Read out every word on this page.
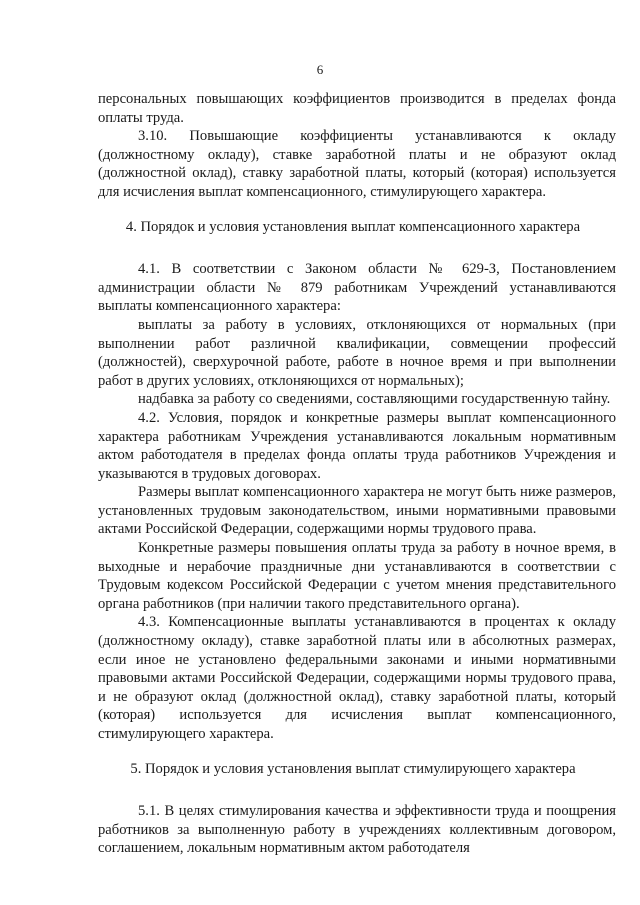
6

персональных повышающих коэффициентов производится в пределах фонда оплаты труда.

3.10. Повышающие коэффициенты устанавливаются к окладу (должностному окладу), ставке заработной платы и не образуют оклад (должностной оклад), ставку заработной платы, который (которая) используется для исчисления выплат компенсационного, стимулирующего характера.

4. Порядок и условия установления выплат компенсационного характера

4.1. В соответствии с Законом области № 629-З, Постановлением администрации области № 879 работникам Учреждений устанавливаются выплаты компенсационного характера:

выплаты за работу в условиях, отклоняющихся от нормальных (при выполнении работ различной квалификации, совмещении профессий (должностей), сверхурочной работе, работе в ночное время и при выполнении работ в других условиях, отклоняющихся от нормальных);

надбавка за работу со сведениями, составляющими государственную тайну.

4.2. Условия, порядок и конкретные размеры выплат компенсационного характера работникам Учреждения устанавливаются локальным нормативным актом работодателя в пределах фонда оплаты труда работников Учреждения и указываются в трудовых договорах.

Размеры выплат компенсационного характера не могут быть ниже размеров, установленных трудовым законодательством, иными нормативными правовыми актами Российской Федерации, содержащими нормы трудового права.

Конкретные размеры повышения оплаты труда за работу в ночное время, в выходные и нерабочие праздничные дни устанавливаются в соответствии с Трудовым кодексом Российской Федерации с учетом мнения представительного органа работников (при наличии такого представительного органа).

4.3. Компенсационные выплаты устанавливаются в процентах к окладу (должностному окладу), ставке заработной платы или в абсолютных размерах, если иное не установлено федеральными законами и иными нормативными правовыми актами Российской Федерации, содержащими нормы трудового права, и не образуют оклад (должностной оклад), ставку заработной платы, который (которая) используется для исчисления выплат компенсационного, стимулирующего характера.

5. Порядок и условия установления выплат стимулирующего характера

5.1. В целях стимулирования качества и эффективности труда и поощрения работников за выполненную работу в учреждениях коллективным договором, соглашением, локальным нормативным актом работодателя
